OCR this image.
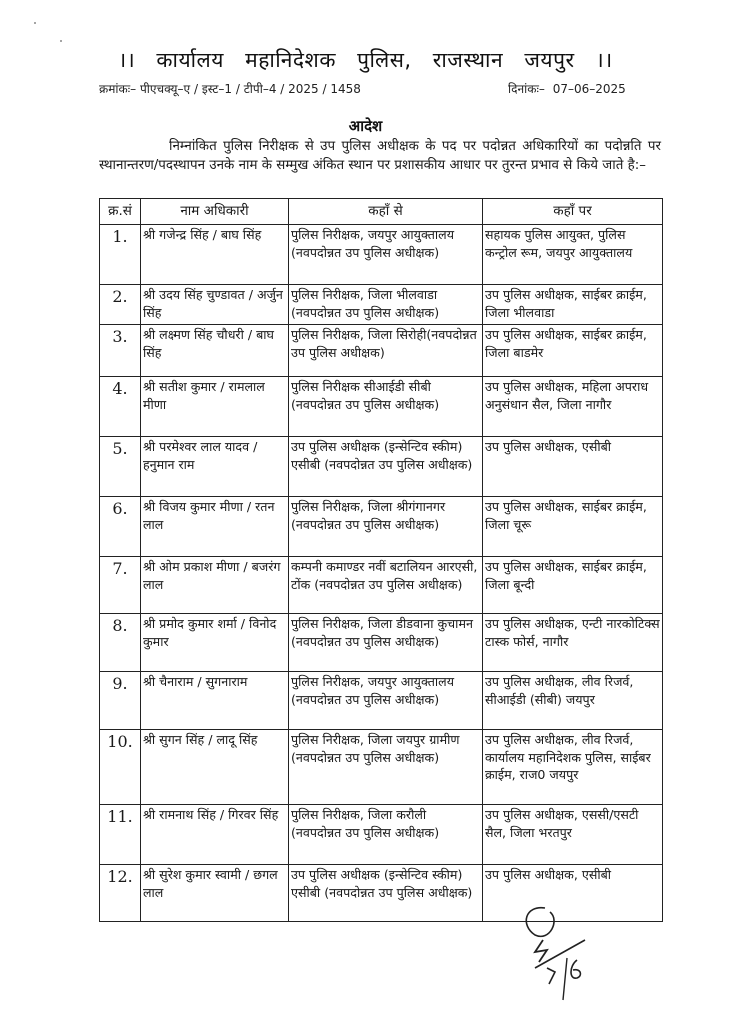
।। कार्यालय महानिदेशक पुलिस, राजस्थान जयपुर ।।
क्रमांकः– पीएचक्यू–ए / इस्ट–1 / टीपी–4 / 2025 / 1458	दिनांकः– 07–06–2025
आदेश
निम्नांकित पुलिस निरीक्षक से उप पुलिस अधीक्षक के पद पर पदोन्नत अधिकारियों का पदोन्नति पर स्थानान्तरण/पदस्थापन उनके नाम के सम्मुख अंकित स्थान पर प्रशासकीय आधार पर तुरन्त प्रभाव से किये जाते है:–
क्र.सं	नाम अधिकारी	कहाँ से	कहाँ पर
1.	श्री गजेन्द्र सिंह / बाघ सिंह	पुलिस निरीक्षक, जयपुर आयुक्तालय (नवपदोन्नत उप पुलिस अधीक्षक)	सहायक पुलिस आयुक्त, पुलिस कन्ट्रोल रूम, जयपुर आयुक्तालय
2.	श्री उदय सिंह चुण्डावत / अर्जुन सिंह	पुलिस निरीक्षक, जिला भीलवाडा (नवपदोन्नत उप पुलिस अधीक्षक)	उप पुलिस अधीक्षक, साईबर क्राईम, जिला भीलवाडा
3.	श्री लक्ष्मण सिंह चौधरी / बाघ सिंह	पुलिस निरीक्षक, जिला सिरोही(नवपदोन्नत उप पुलिस अधीक्षक)	उप पुलिस अधीक्षक, साईबर क्राईम, जिला बाडमेर
4.	श्री सतीश कुमार / रामलाल मीणा	पुलिस निरीक्षक सीआईडी सीबी (नवपदोन्नत उप पुलिस अधीक्षक)	उप पुलिस अधीक्षक, महिला अपराध अनुसंधान सैल, जिला नागौर
5.	श्री परमेश्वर लाल यादव / हनुमान राम	उप पुलिस अधीक्षक (इन्सेन्टिव स्कीम) एसीबी (नवपदोन्नत उप पुलिस अधीक्षक)	उप पुलिस अधीक्षक, एसीबी
6.	श्री विजय कुमार मीणा / रतन लाल	पुलिस निरीक्षक, जिला श्रीगंगानगर (नवपदोन्नत उप पुलिस अधीक्षक)	उप पुलिस अधीक्षक, साईबर क्राईम, जिला चूरू
7.	श्री ओम प्रकाश मीणा / बजरंग लाल	कम्पनी कमाण्डर नवीं बटालियन आरएसी, टोंक (नवपदोन्नत उप पुलिस अधीक्षक)	उप पुलिस अधीक्षक, साईबर क्राईम, जिला बून्दी
8.	श्री प्रमोद कुमार शर्मा / विनोद कुमार	पुलिस निरीक्षक, जिला डीडवाना कुचामन (नवपदोन्नत उप पुलिस अधीक्षक)	उप पुलिस अधीक्षक, एन्टी नारकोटिक्स टास्क फोर्स, नागौर
9.	श्री चैनाराम / सुगनाराम	पुलिस निरीक्षक, जयपुर आयुक्तालय (नवपदोन्नत उप पुलिस अधीक्षक)	उप पुलिस अधीक्षक, लीव रिजर्व, सीआईडी (सीबी) जयपुर
10.	श्री सुगन सिंह / लादू सिंह	पुलिस निरीक्षक, जिला जयपुर ग्रामीण (नवपदोन्नत उप पुलिस अधीक्षक)	उप पुलिस अधीक्षक, लीव रिजर्व, कार्यालय महानिदेशक पुलिस, साईबर क्राईम, राज0 जयपुर
11.	श्री रामनाथ सिंह / गिरवर सिंह	पुलिस निरीक्षक, जिला करौली (नवपदोन्नत उप पुलिस अधीक्षक)	उप पुलिस अधीक्षक, एससी/एसटी सैल, जिला भरतपुर
12.	श्री सुरेश कुमार स्वामी / छगल लाल	उप पुलिस अधीक्षक (इन्सेन्टिव स्कीम) एसीबी (नवपदोन्नत उप पुलिस अधीक्षक)	उप पुलिस अधीक्षक, एसीबी
